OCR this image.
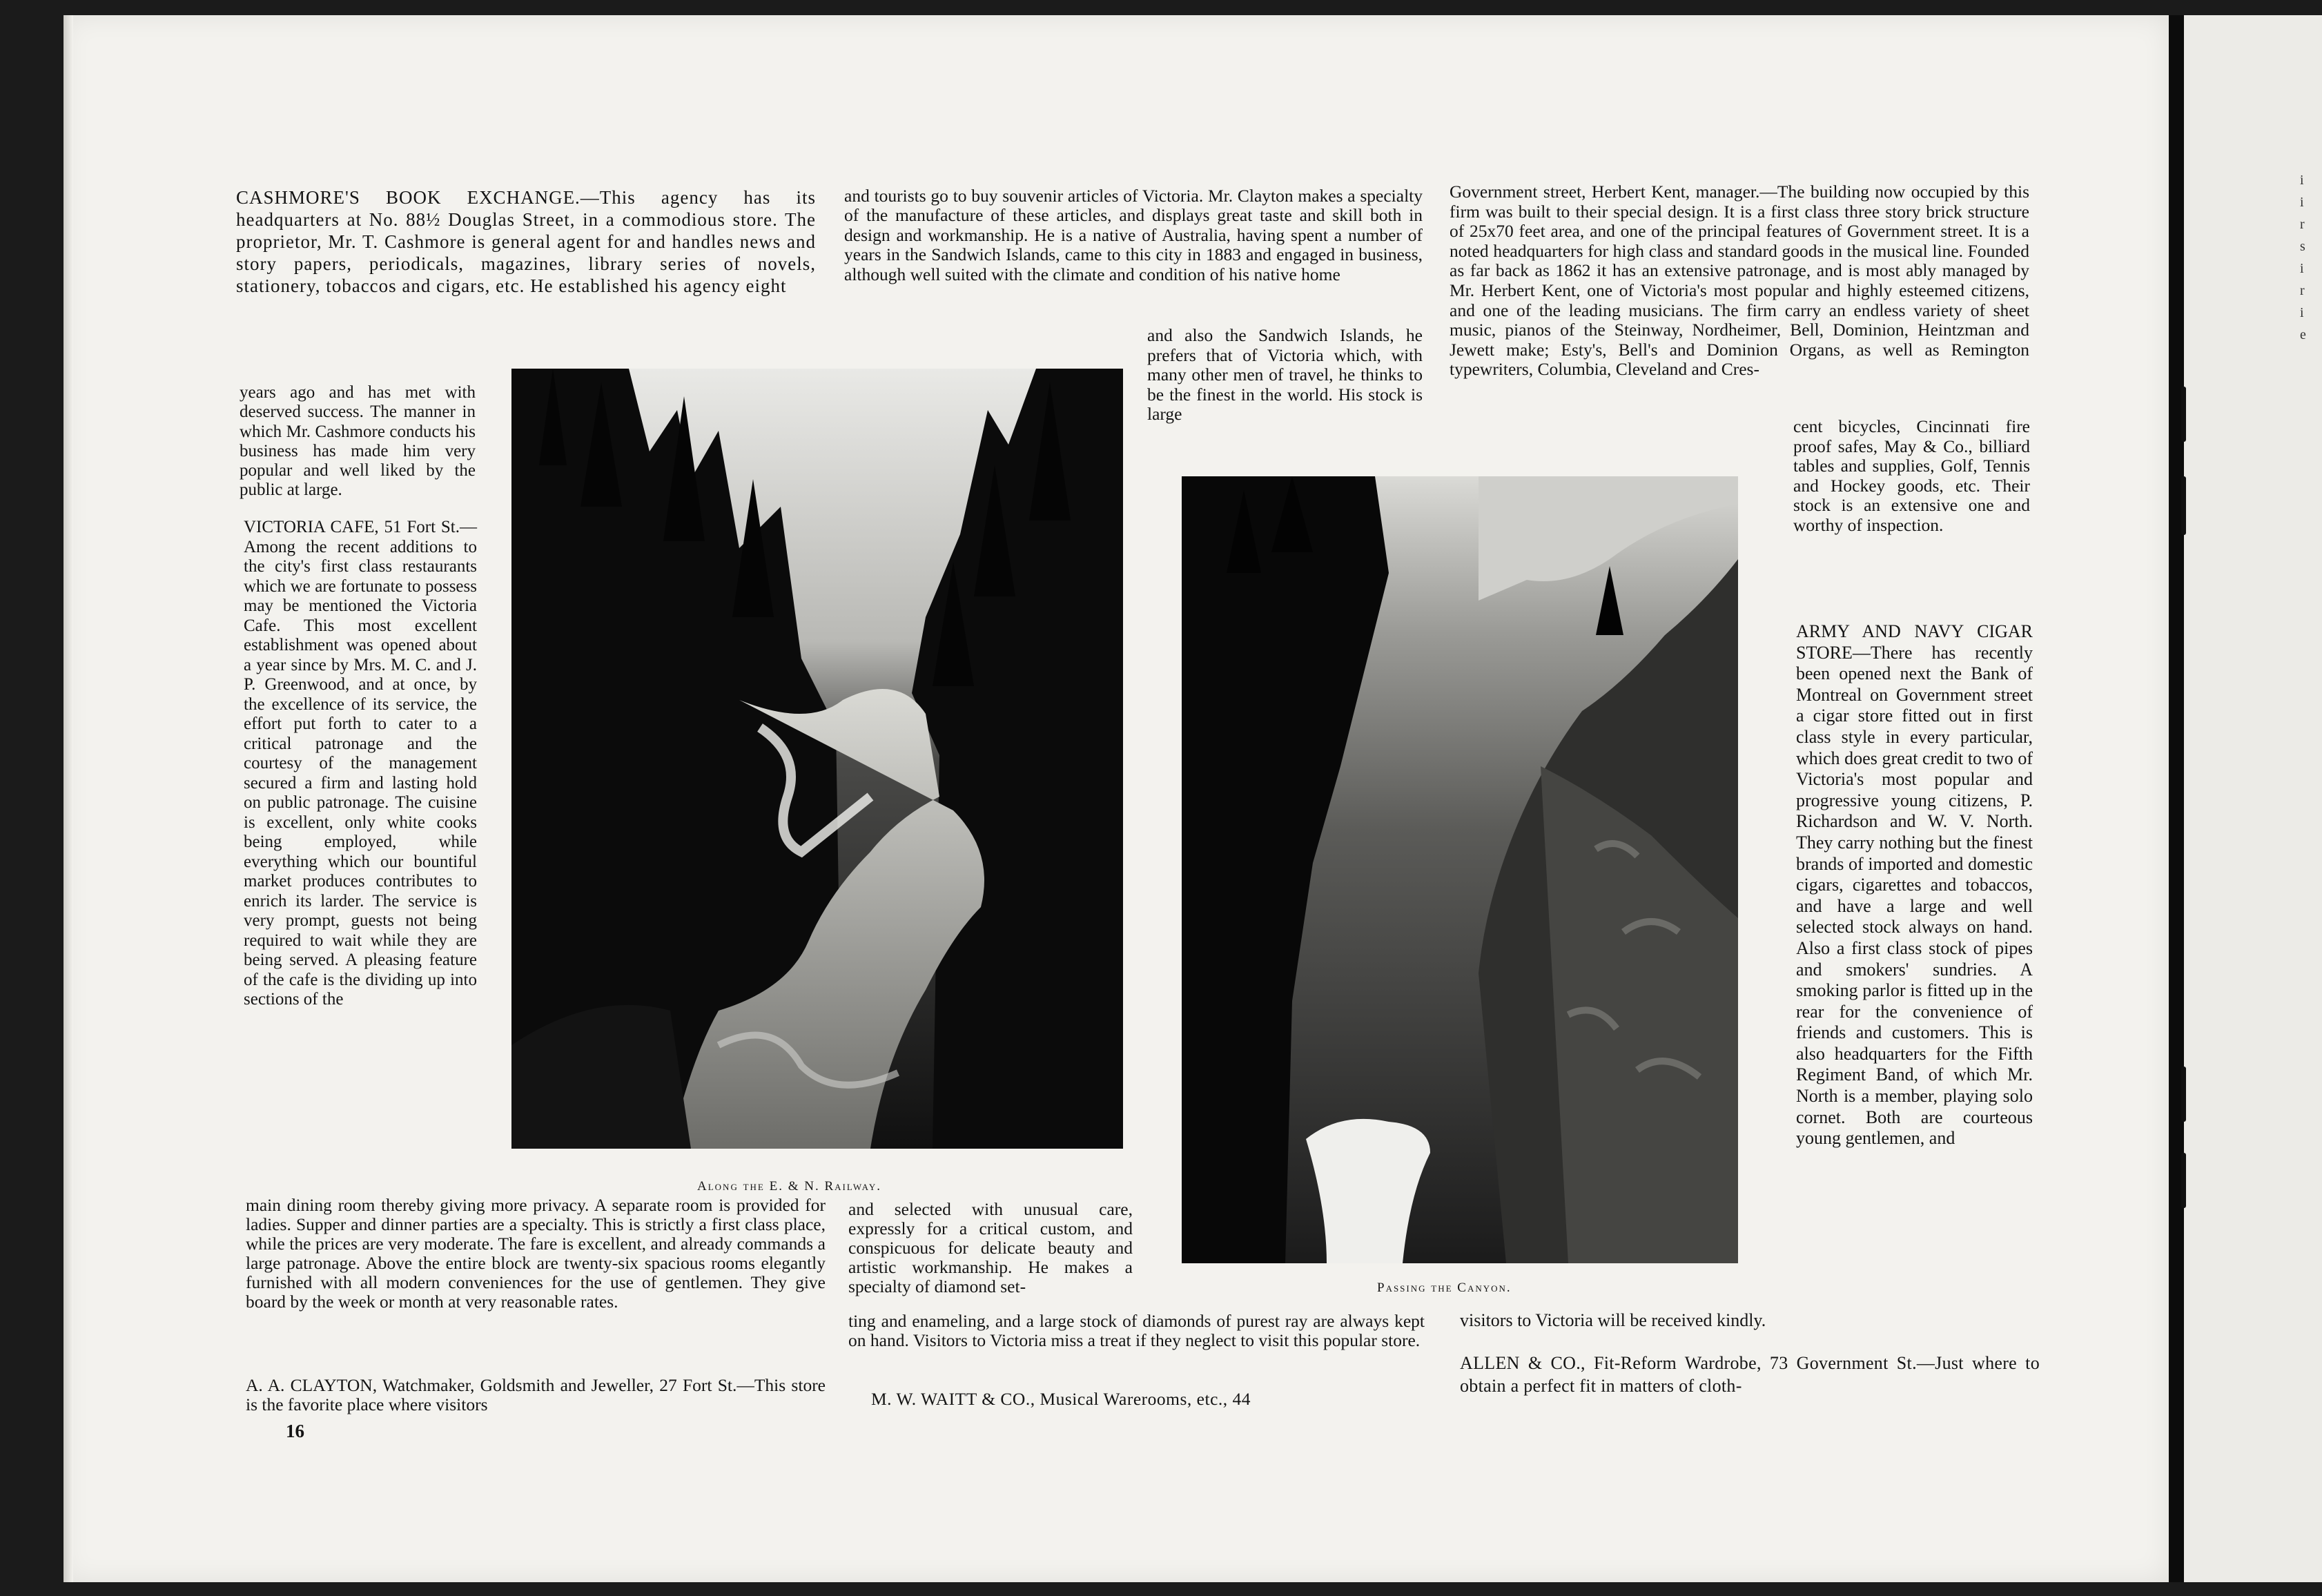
i
i
r
s
i
r
i
e

CASHMORE'S BOOK EXCHANGE.—This agency has its headquarters at No. 88½ Douglas Street, in a commodious store. The proprietor, Mr. T. Cashmore is general agent for and handles news and story papers, periodicals, magazines, library series of novels, stationery, tobaccos and cigars, etc. He established his agency eight

years ago and has met with deserved success. The manner in which Mr. Cashmore conducts his business has made him very popular and well liked by the public at large.

VICTORIA CAFE, 51 Fort St.—Among the recent additions to the city's first class restaurants which we are fortunate to possess may be mentioned the Victoria Cafe. This most excellent establishment was opened about a year since by Mrs. M. C. and J. P. Greenwood, and at once, by the excellence of its service, the effort put forth to cater to a critical patronage and the courtesy of the management secured a firm and lasting hold on public patronage. The cuisine is excellent, only white cooks being employed, while everything which our bountiful market produces contributes to enrich its larder. The service is very prompt, guests not being required to wait while they are being served. A pleasing feature of the cafe is the dividing up into sections of the

main dining room thereby giving more privacy. A separate room is provided for ladies. Supper and dinner parties are a specialty. This is strictly a first class place, while the prices are very moderate. The fare is excellent, and already commands a large patronage. Above the entire block are twenty-six spacious rooms elegantly furnished with all modern conveniences for the use of gentlemen. They give board by the week or month at very reasonable rates.

A. A. CLAYTON, Watchmaker, Goldsmith and Jeweller, 27 Fort St.—This store is the favorite place where visitors

16

and tourists go to buy souvenir articles of Victoria. Mr. Clayton makes a specialty of the manufacture of these articles, and displays great taste and skill both in design and workmanship. He is a native of Australia, having spent a number of years in the Sandwich Islands, came to this city in 1883 and engaged in business, although well suited with the climate and condition of his native home

and also the Sandwich Islands, he prefers that of Victoria which, with many other men of travel, he thinks to be the finest in the world. His stock is large

and selected with unusual care, expressly for a critical custom, and conspicuous for delicate beauty and artistic workmanship. He makes a specialty of diamond set-

ting and enameling, and a large stock of diamonds of purest ray are always kept on hand. Visitors to Victoria miss a treat if they neglect to visit this popular store.

M. W. WAITT & CO., Musical Warerooms, etc., 44

Government street, Herbert Kent, manager.—The building now occupied by this firm was built to their special design. It is a first class three story brick structure of 25x70 feet area, and one of the principal features of Government street. It is a noted headquarters for high class and standard goods in the musical line. Founded as far back as 1862 it has an extensive patronage, and is most ably managed by Mr. Herbert Kent, one of Victoria's most popular and highly esteemed citizens, and one of the leading musicians. The firm carry an endless variety of sheet music, pianos of the Steinway, Nordheimer, Bell, Dominion, Heintzman and Jewett make; Esty's, Bell's and Dominion Organs, as well as Remington typewriters, Columbia, Cleveland and Cres-

cent bicycles, Cincinnati fire proof safes, May & Co., billiard tables and supplies, Golf, Tennis and Hockey goods, etc. Their stock is an extensive one and worthy of inspection.

ARMY AND NAVY CIGAR STORE—There has recently been opened next the Bank of Montreal on Government street a cigar store fitted out in first class style in every particular, which does great credit to two of Victoria's most popular and progressive young citizens, P. Richardson and W. V. North. They carry nothing but the finest brands of imported and domestic cigars, cigarettes and tobaccos, and have a large and well selected stock always on hand. Also a first class stock of pipes and smokers' sundries. A smoking parlor is fitted up in the rear for the convenience of friends and customers. This is also headquarters for the Fifth Regiment Band, of which Mr. North is a member, playing solo cornet. Both are courteous young gentlemen, and

visitors to Victoria will be received kindly.

ALLEN & CO., Fit-Reform Wardrobe, 73 Government St.—Just where to obtain a perfect fit in matters of cloth-

Along the E. & N. Railway.
Passing the Canyon.
